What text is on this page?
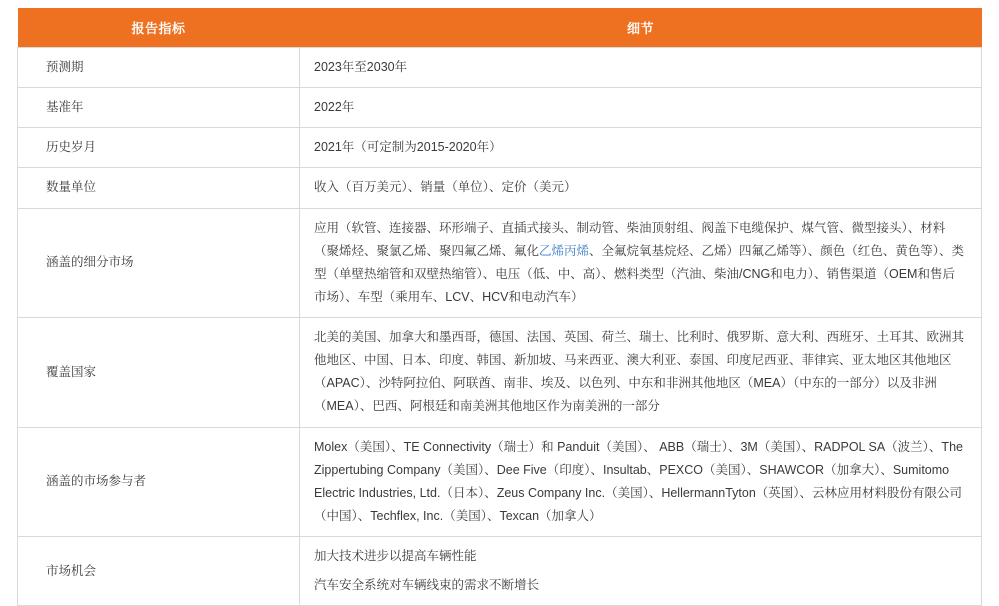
报告指标	细节
预测期	2023年至2030年
基准年	2022年
历史岁月	2021年（可定制为2015-2020年）
数量单位	收入（百万美元）、销量（单位）、定价（美元）
涵盖的细分市场	应用（软管、连接器、环形端子、直插式接头、制动管、柴油顶射组、阀盖下电缆保护、煤气管、微型接头）、材料（聚烯烃、聚氯乙烯、聚四氟乙烯、氟化乙烯丙烯、全氟烷氧基烷烃、乙烯）四氟乙烯等）、颜色（红色、黄色等）、类型（单壁热缩管和双壁热缩管）、电压（低、中、高）、燃料类型（汽油、柴油/CNG和电力）、销售渠道（OEM和售后市场）、车型（乘用车、LCV、HCV和电动汽车）
覆盖国家	北美的美国、加拿大和墨西哥，德国、法国、英国、荷兰、瑞士、比利时、俄罗斯、意大利、西班牙、土耳其、欧洲其他地区、中国、日本、印度、韩国、新加坡、马来西亚、澳大利亚、泰国、印度尼西亚、菲律宾、亚太地区其他地区（APAC）、沙特阿拉伯、阿联酋、南非、埃及、以色列、中东和非洲其他地区（MEA）（中东的一部分）以及非洲（MEA）、巴西、阿根廷和南美洲其他地区作为南美洲的一部分
涵盖的市场参与者	Molex（美国）、TE Connectivity（瑞士）和 Panduit（美国）、 ABB（瑞士）、3M（美国）、RADPOL SA（波兰）、The Zippertubing Company（美国）、Dee Five（印度）、Insultab、PEXCO（美国）、SHAWCOR（加拿大）、Sumitomo Electric Industries, Ltd.（日本）、Zeus Company Inc.（美国）、HellermannTyton（英国）、云林应用材料股份有限公司（中国）、Techflex, Inc.（美国）、Texcan（加拿人）
市场机会	加大技术进步以提高车辆性能
汽车安全系统对车辆线束的需求不断增长
